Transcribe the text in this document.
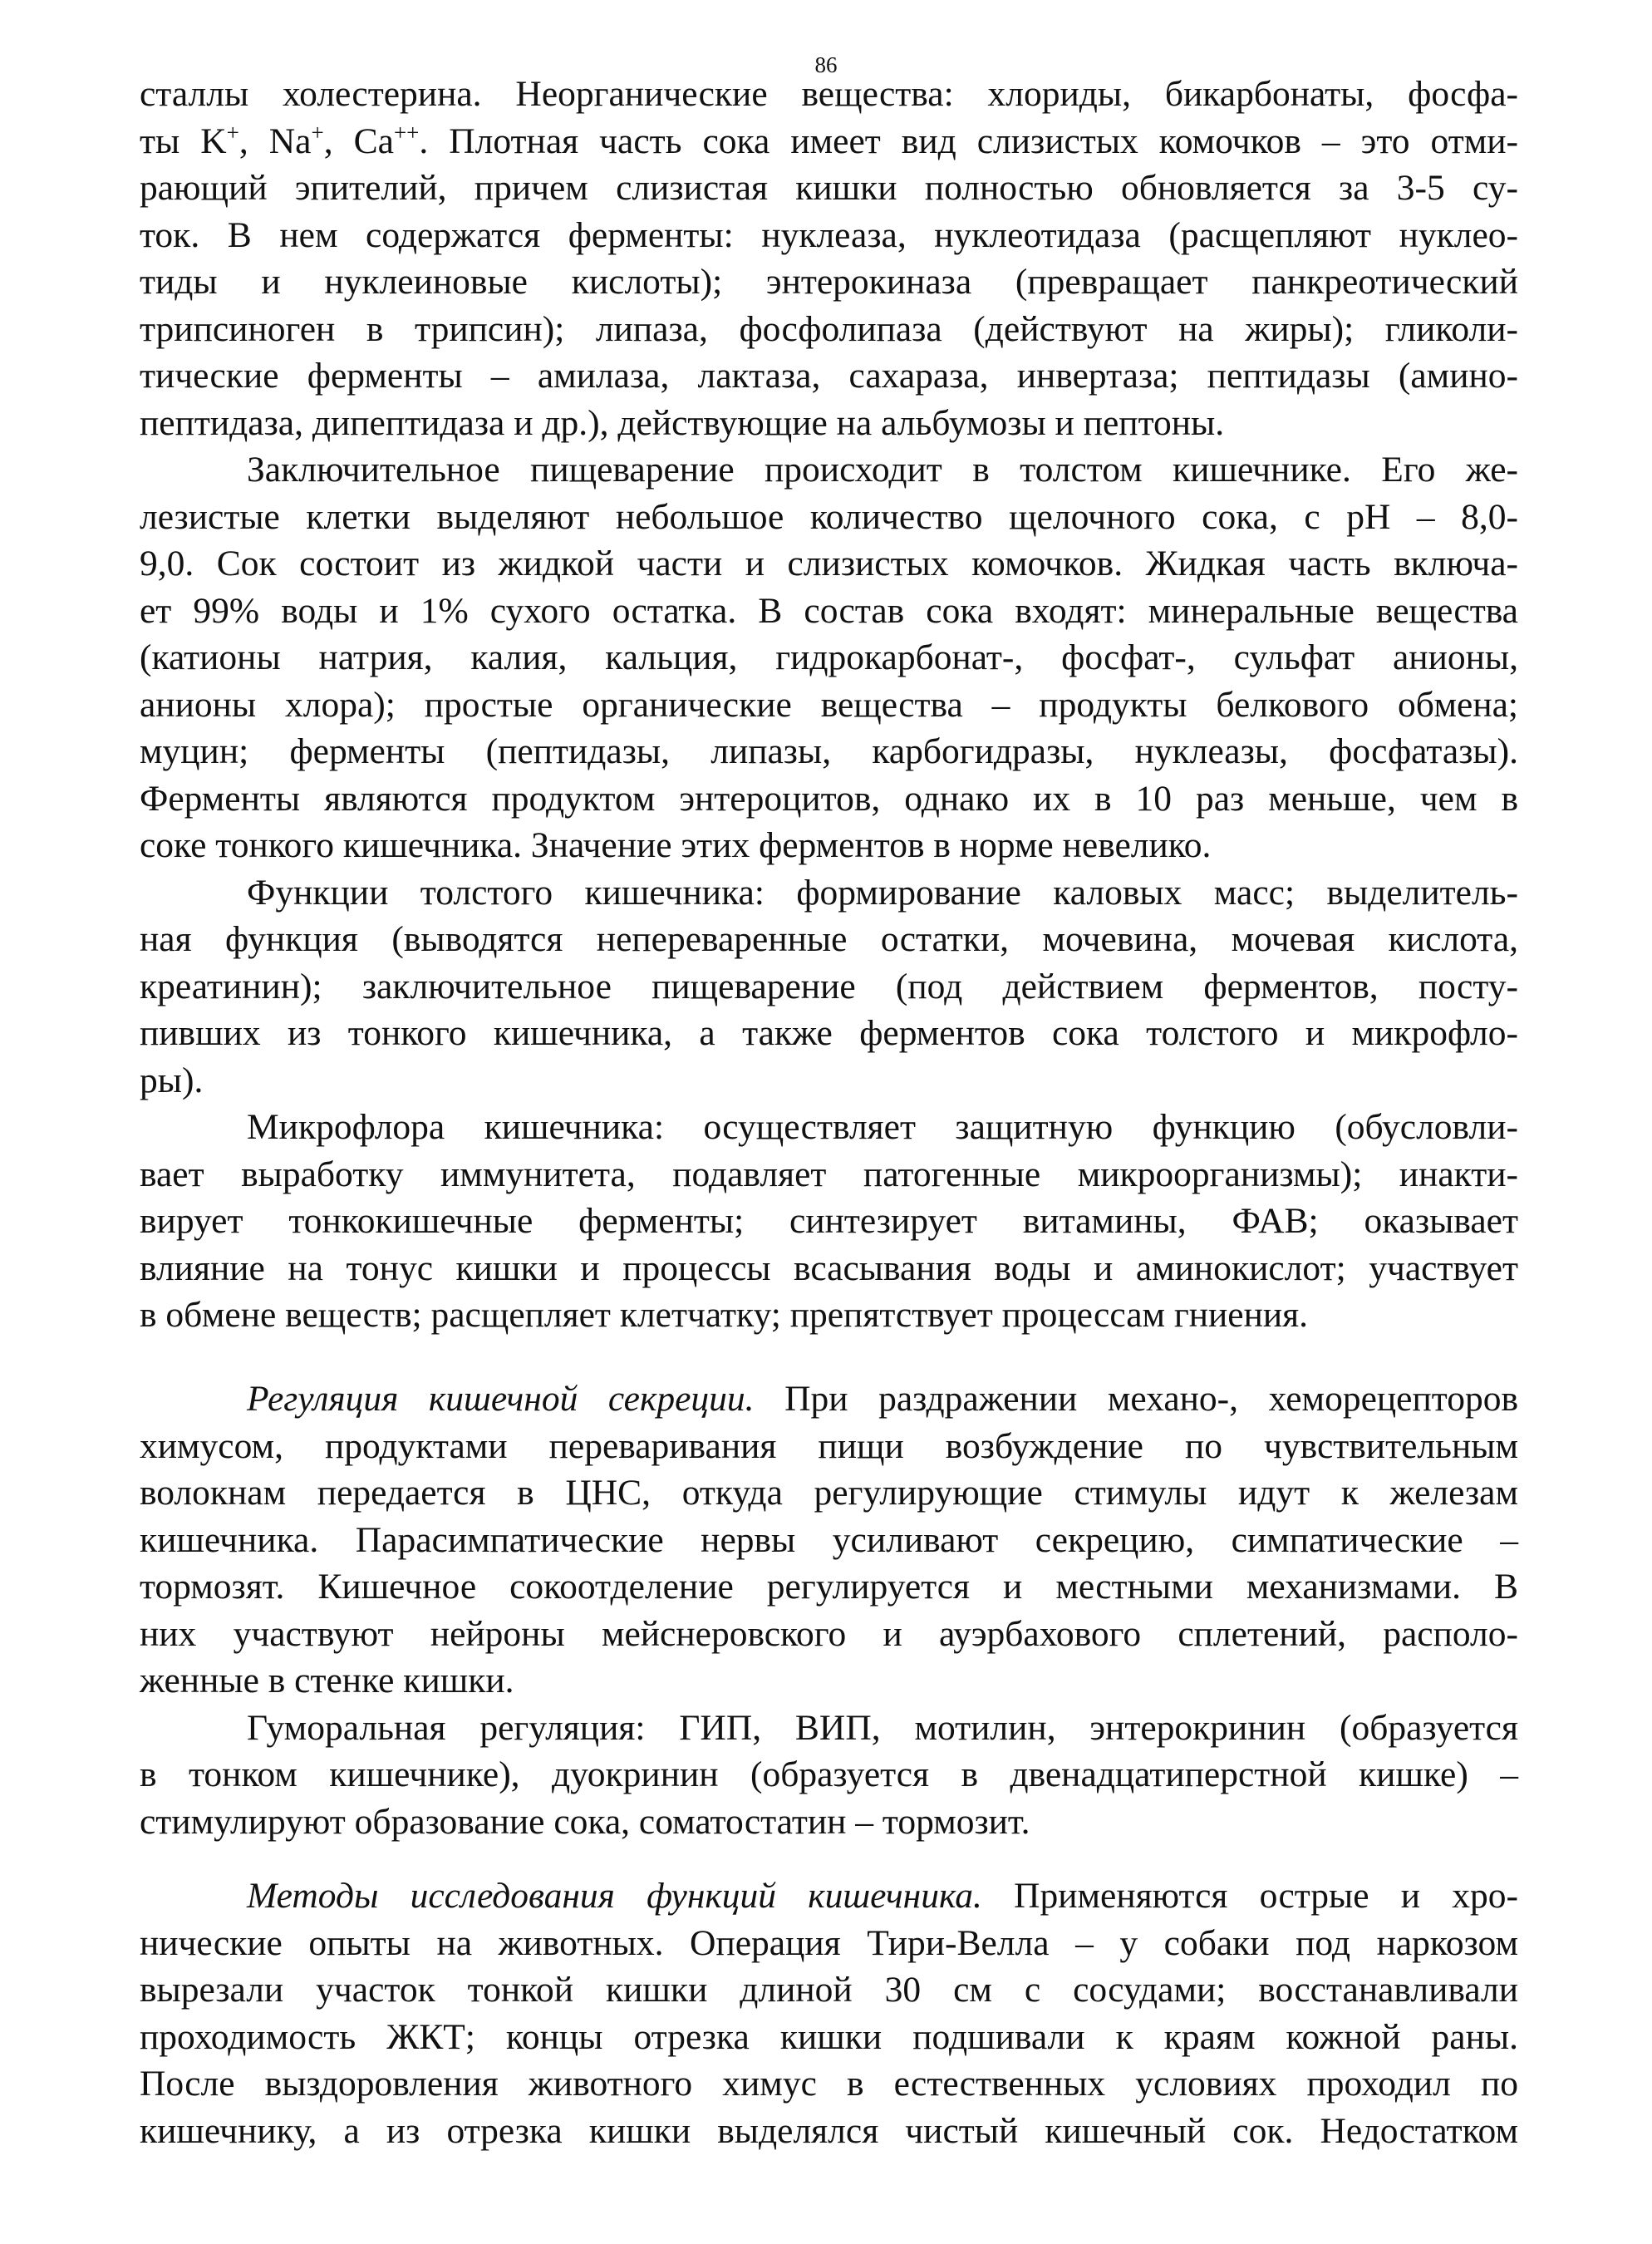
86
сталлы холестерина. Неорганические вещества: хлориды, бикарбонаты, фосфа-
ты K+, Na+, Ca++. Плотная часть сока имеет вид слизистых комочков – это отми-
рающий эпителий, причем слизистая кишки полностью обновляется за 3-5 су-
ток. В нем содержатся ферменты: нуклеаза, нуклеотидаза (расщепляют нуклео-
тиды и нуклеиновые кислоты); энтерокиназа (превращает панкреотический
трипсиноген в трипсин); липаза, фосфолипаза (действуют на жиры); гликоли-
тические ферменты – амилаза, лактаза, сахараза, инвертаза; пептидазы (амино-
пептидаза, дипептидаза и др.), действующие на альбумозы и пептоны.
Заключительное пищеварение происходит в толстом кишечнике. Его же-
лезистые клетки выделяют небольшое количество щелочного сока, с pH – 8,0-
9,0. Сок состоит из жидкой части и слизистых комочков. Жидкая часть включа-
ет 99% воды и 1% сухого остатка. В состав сока входят: минеральные вещества
(катионы натрия, калия, кальция, гидрокарбонат-, фосфат-, сульфат анионы,
анионы хлора); простые органические вещества – продукты белкового обмена;
муцин; ферменты (пептидазы, липазы, карбогидразы, нуклеазы, фосфатазы).
Ферменты являются продуктом энтероцитов, однако их в 10 раз меньше, чем в
соке тонкого кишечника. Значение этих ферментов в норме невелико.
Функции толстого кишечника: формирование каловых масс; выделитель-
ная функция (выводятся непереваренные остатки, мочевина, мочевая кислота,
креатинин); заключительное пищеварение (под действием ферментов, посту-
пивших из тонкого кишечника, а также ферментов сока толстого и микрофло-
ры).
Микрофлора кишечника: осуществляет защитную функцию (обусловли-
вает выработку иммунитета, подавляет патогенные микроорганизмы); инакти-
вирует тонкокишечные ферменты; синтезирует витамины, ФАВ; оказывает
влияние на тонус кишки и процессы всасывания воды и аминокислот; участвует
в обмене веществ; расщепляет клетчатку; препятствует процессам гниения.
Регуляция кишечной секреции. При раздражении механо-, хеморецепторов
химусом, продуктами переваривания пищи возбуждение по чувствительным
волокнам передается в ЦНС, откуда регулирующие стимулы идут к железам
кишечника. Парасимпатические нервы усиливают секрецию, симпатические –
тормозят. Кишечное сокоотделение регулируется и местными механизмами. В
них участвуют нейроны мейснеровского и ауэрбахового сплетений, располо-
женные в стенке кишки.
Гуморальная регуляция: ГИП, ВИП, мотилин, энтерокринин (образуется
в тонком кишечнике), дуокринин (образуется в двенадцатиперстной кишке) –
стимулируют образование сока, соматостатин – тормозит.
Методы исследования функций кишечника. Применяются острые и хро-
нические опыты на животных. Операция Тири-Велла – у собаки под наркозом
вырезали участок тонкой кишки длиной 30 см с сосудами; восстанавливали
проходимость ЖКТ; концы отрезка кишки подшивали к краям кожной раны.
После выздоровления животного химус в естественных условиях проходил по
кишечнику, а из отрезка кишки выделялся чистый кишечный сок. Недостатком
